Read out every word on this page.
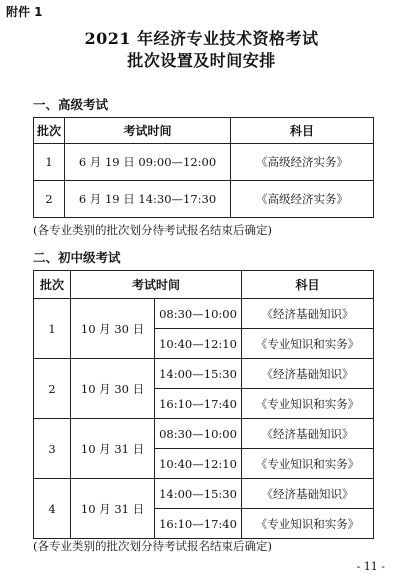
附件 1
2021 年经济专业技术资格考试
批次设置及时间安排
一、高级考试
批次	考试时间	科目
1	6 月 19 日 09:00—12:00	《高级经济实务》
2	6 月 19 日 14:30—17:30	《高级经济实务》
(各专业类别的批次划分待考试报名结束后确定)
二、初中级考试
批次	考试时间		科目
1	10 月 30 日	08:30—10:00	《经济基础知识》
		10:40—12:10	《专业知识和实务》
2	10 月 30 日	14:00—15:30	《经济基础知识》
		16:10—17:40	《专业知识和实务》
3	10 月 31 日	08:30—10:00	《经济基础知识》
		10:40—12:10	《专业知识和实务》
4	10 月 31 日	14:00—15:30	《经济基础知识》
		16:10—17:40	《专业知识和实务》
(各专业类别的批次划分待考试报名结束后确定)
- 11 -
